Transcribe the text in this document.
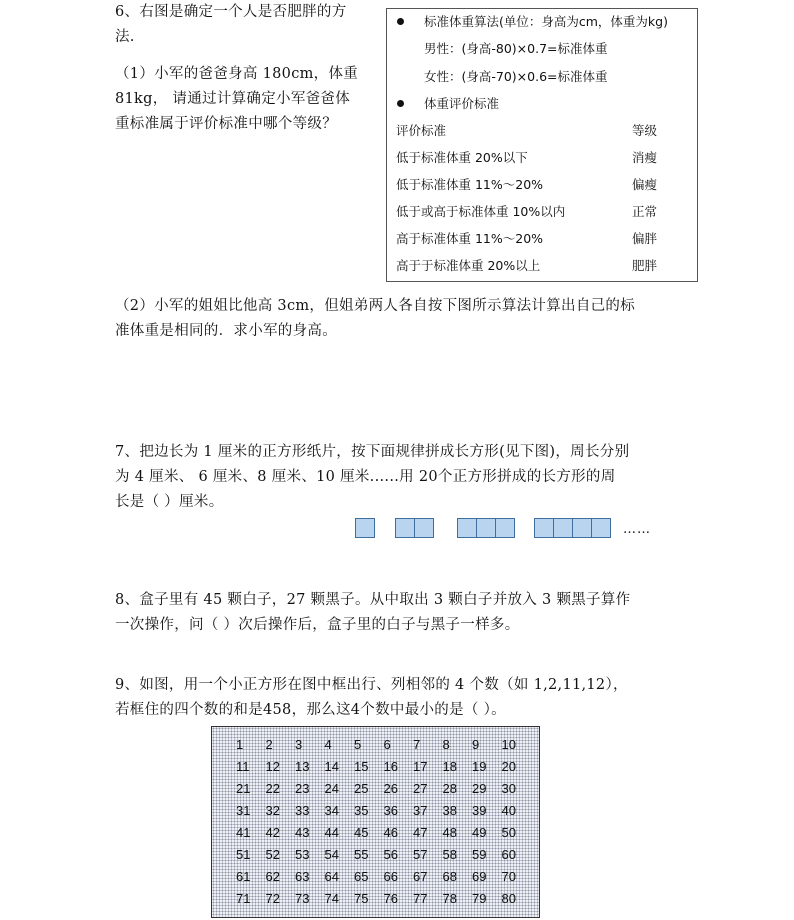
6、右图是确定一个人是否肥胖的方
法.
（1）小军的爸爸身高 180cm，体重
81kg， 请通过计算确定小军爸爸体
重标准属于评价标准中哪个等级？
标准体重算法(单位：身高为cm，体重为kg)
男性：(身高-80)×0.7=标准体重
女性：(身高-70)×0.6=标准体重
体重评价标准
评价标准	等级
低于标准体重 20%以下	消瘦
低于标准体重 11%～20%	偏瘦
低于或高于标准体重 10%以内	正常
高于标准体重 11%～20%	偏胖
高于于标准体重 20%以上	肥胖
（2）小军的姐姐比他高 3cm，但姐弟两人各自按下图所示算法计算出自己的标
准体重是相同的．求小军的身高。
7、把边长为 1 厘米的正方形纸片，按下面规律拼成长方形(见下图)，周长分别
为 4 厘米、 6 厘米、8 厘米、10 厘米......用 20个正方形拼成的长方形的周
长是（ ）厘米。
……
8、盒子里有 45 颗白子，27 颗黑子。从中取出 3 颗白子并放入 3 颗黑子算作
一次操作，问（ ）次后操作后，盒子里的白子与黑子一样多。
9、如图，用一个小正方形在图中框出行、列相邻的 4 个数（如 1,2,11,12），
若框住的四个数的和是458，那么这4个数中最小的是（ ）。
1	2	3	4	5	6	7	8	9	10
11	12	13	14	15	16	17	18	19	20
21	22	23	24	25	26	27	28	29	30
31	32	33	34	35	36	37	38	39	40
41	42	43	44	45	46	47	48	49	50
51	52	53	54	55	56	57	58	59	60
61	62	63	64	65	66	67	68	69	70
71	72	73	74	75	76	77	78	79	80
